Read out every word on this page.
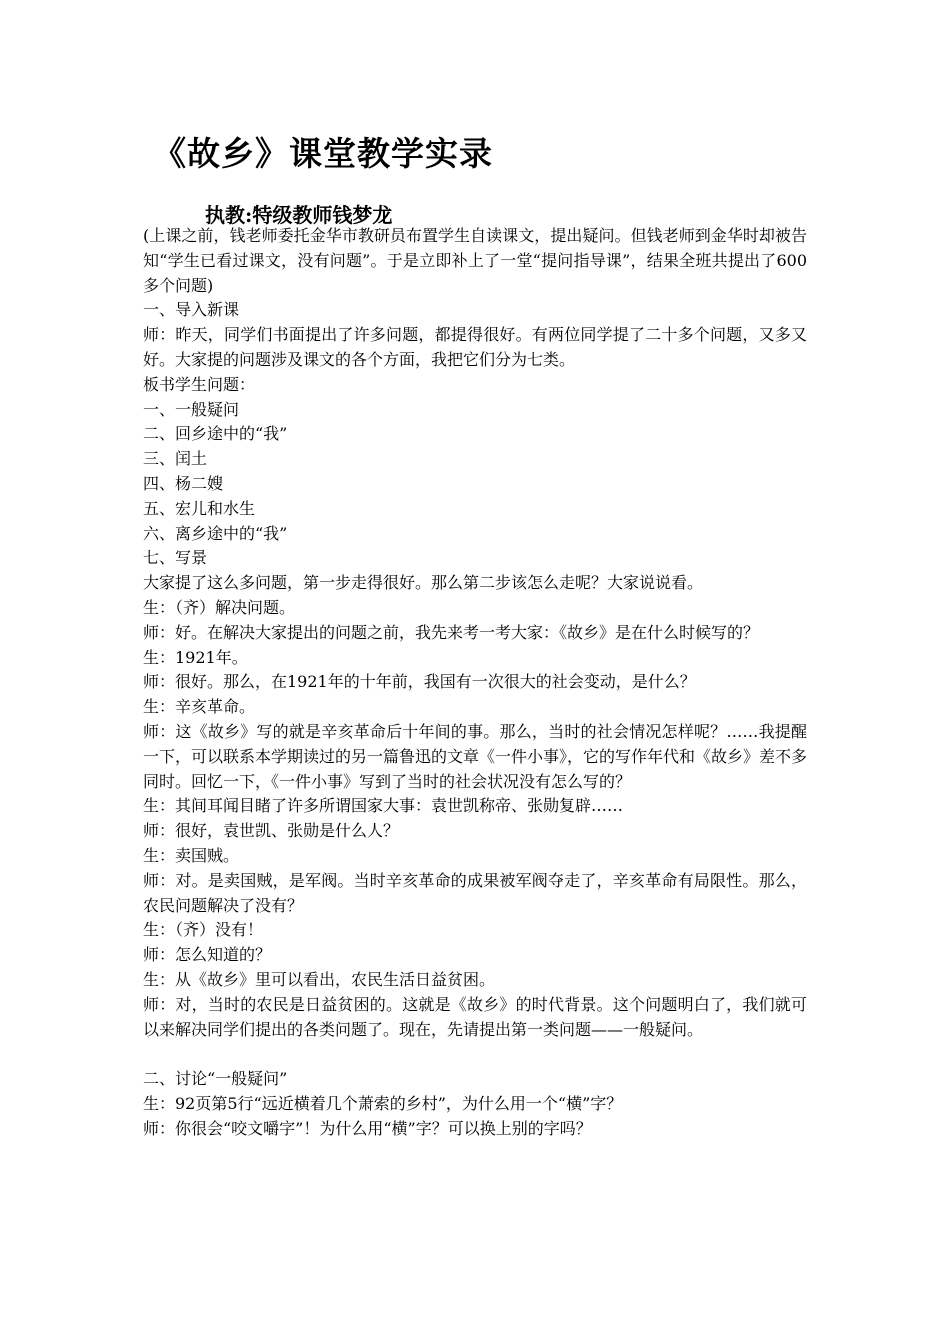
《故乡》课堂教学实录
执教:特级教师钱梦龙

(上课之前，钱老师委托金华市教研员布置学生自读课文，提出疑问。但钱老师到金华时却被告知“学生已看过课文，没有问题”。于是立即补上了一堂“提问指导课”，结果全班共提出了600多个问题)

一、导入新课

师：昨天，同学们书面提出了许多问题，都提得很好。有两位同学提了二十多个问题，又多又好。大家提的问题涉及课文的各个方面，我把它们分为七类。

板书学生问题：

一、一般疑问

二、回乡途中的“我”

三、闰土

四、杨二嫂

五、宏儿和水生

六、离乡途中的“我”

七、写景

大家提了这么多问题，第一步走得很好。那么第二步该怎么走呢？大家说说看。

生：（齐）解决问题。

师：好。在解决大家提出的问题之前，我先来考一考大家：《故乡》是在什么时候写的？

生：1921年。

师：很好。那么，在1921年的十年前，我国有一次很大的社会变动，是什么？

生：辛亥革命。

师：这《故乡》写的就是辛亥革命后十年间的事。那么，当时的社会情况怎样呢？……我提醒一下，可以联系本学期读过的另一篇鲁迅的文章《一件小事》，它的写作年代和《故乡》差不多同时。回忆一下，《一件小事》写到了当时的社会状况没有怎么写的？

生：其间耳闻目睹了许多所谓国家大事：袁世凯称帝、张勋复辟……

师：很好，袁世凯、张勋是什么人？

生：卖国贼。

师：对。是卖国贼，是军阀。当时辛亥革命的成果被军阀夺走了，辛亥革命有局限性。那么，农民问题解决了没有？

生：（齐）没有！

师：怎么知道的？

生：从《故乡》里可以看出，农民生活日益贫困。

师：对，当时的农民是日益贫困的。这就是《故乡》的时代背景。这个问题明白了，我们就可以来解决同学们提出的各类问题了。现在，先请提出第一类问题——一般疑问。

二、讨论“一般疑问”

生：92页第5行“远近横着几个萧索的乡村”，为什么用一个“横”字？

师：你很会“咬文嚼字”！为什么用“横”字？可以换上别的字吗？
